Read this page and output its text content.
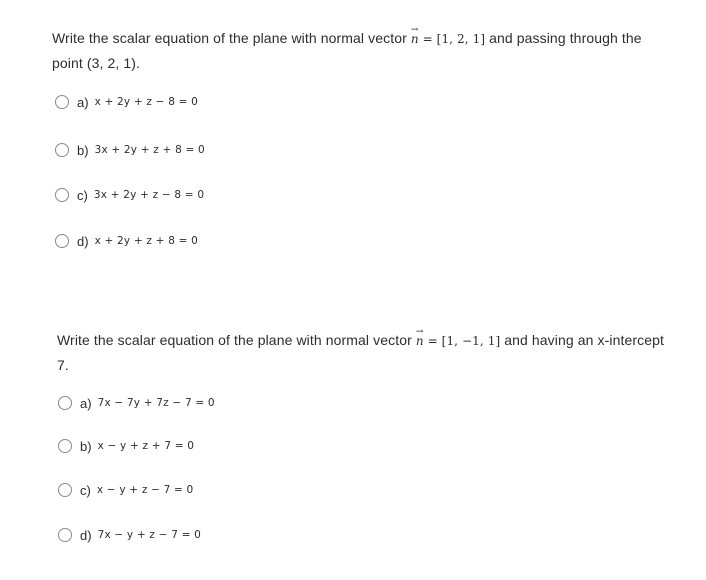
Write the scalar equation of the plane with normal vector → n = [1, 2, 1] and passing through the point (3, 2, 1).
a) x + 2y + z − 8 = 0
b) 3x + 2y + z + 8 = 0
c) 3x + 2y + z − 8 = 0
d) x + 2y + z + 8 = 0
Write the scalar equation of the plane with normal vector → n = [1, −1, 1] and having an x-intercept 7.
a) 7x − 7y + 7z − 7 = 0
b) x − y + z + 7 = 0
c) x − y + z − 7 = 0
d) 7x − y + z − 7 = 0
